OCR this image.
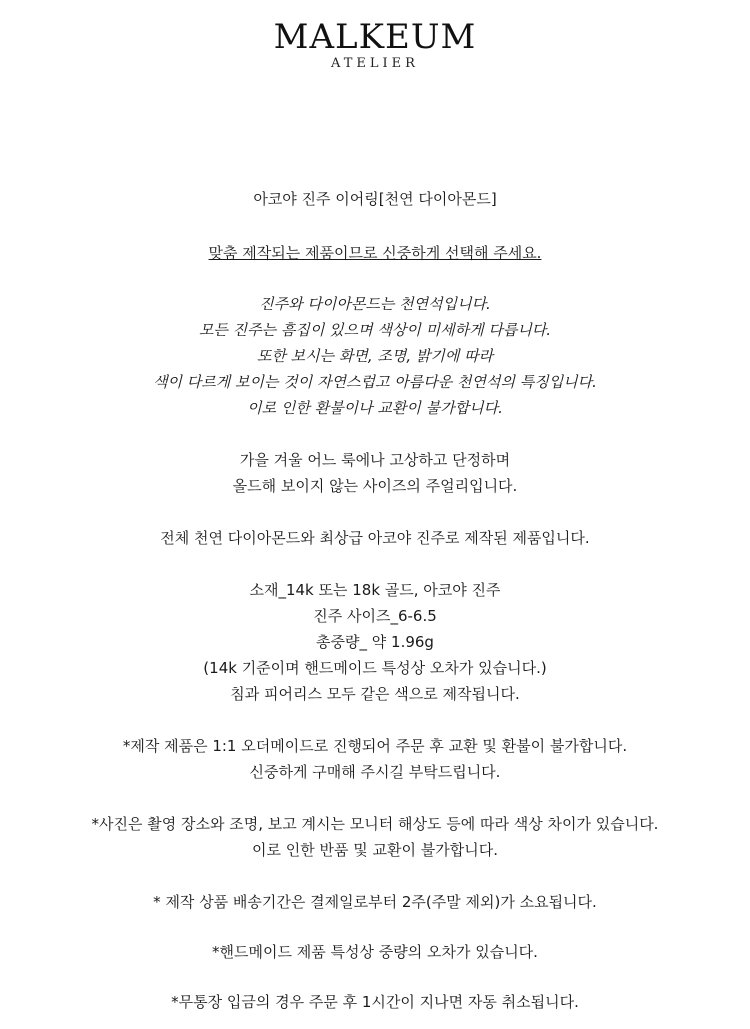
MALKEUM
ATELIER
아코야 진주 이어링[천연 다이아몬드]
맞춤 제작되는 제품이므로 신중하게 선택해 주세요.
진주와 다이아몬드는 천연석입니다.
모든 진주는 흠집이 있으며 색상이 미세하게 다릅니다.
또한 보시는 화면, 조명, 밝기에 따라
색이 다르게 보이는 것이 자연스럽고 아름다운 천연석의 특징입니다.
이로 인한 환불이나 교환이 불가합니다.
가을 겨울 어느 룩에나 고상하고 단정하며
올드해 보이지 않는 사이즈의 주얼리입니다.
전체 천연 다이아몬드와 최상급 아코야 진주로 제작된 제품입니다.
소재_14k 또는 18k 골드, 아코야 진주
진주 사이즈_6-6.5
총중량_ 약 1.96g
(14k 기준이며 핸드메이드 특성상 오차가 있습니다.)
침과 피어리스 모두 같은 색으로 제작됩니다.
*제작 제품은 1:1 오더메이드로 진행되어 주문 후 교환 및 환불이 불가합니다.
신중하게 구매해 주시길 부탁드립니다.
*사진은 촬영 장소와 조명, 보고 계시는 모니터 해상도 등에 따라 색상 차이가 있습니다.
이로 인한 반품 및 교환이 불가합니다.
* 제작 상품 배송기간은 결제일로부터 2주(주말 제외)가 소요됩니다.
*핸드메이드 제품 특성상 중량의 오차가 있습니다.
*무통장 입금의 경우 주문 후 1시간이 지나면 자동 취소됩니다.
